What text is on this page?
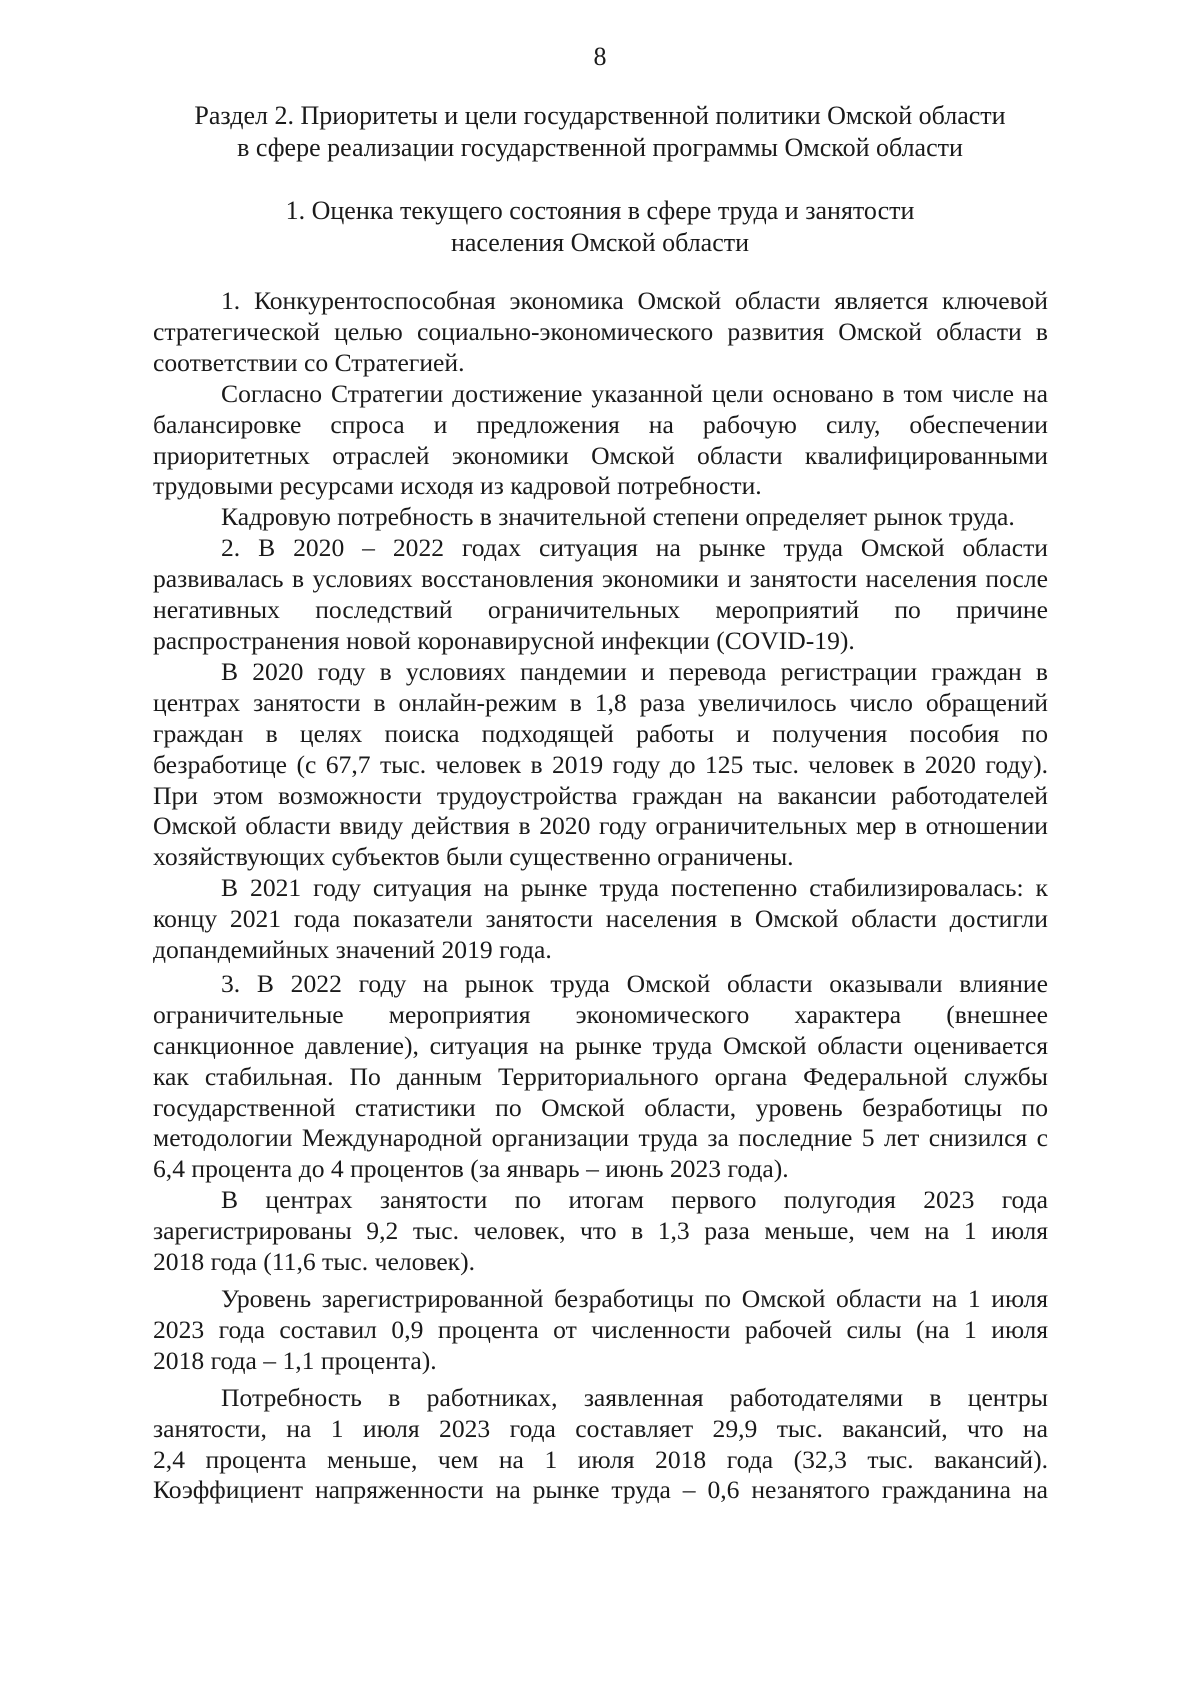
8
Раздел 2. Приоритеты и цели государственной политики Омской области
в сфере реализации государственной программы Омской области
1. Оценка текущего состояния в сфере труда и занятости
населения Омской области
1. Конкурентоспособная экономика Омской области является ключевой
стратегической целью социально-экономического развития Омской области в
соответствии со Стратегией.
Согласно Стратегии достижение указанной цели основано в том числе на
балансировке спроса и предложения на рабочую силу, обеспечении
приоритетных отраслей экономики Омской области квалифицированными
трудовыми ресурсами исходя из кадровой потребности.
Кадровую потребность в значительной степени определяет рынок труда.
2. В 2020 – 2022 годах ситуация на рынке труда Омской области
развивалась в условиях восстановления экономики и занятости населения после
негативных последствий ограничительных мероприятий по причине
распространения новой коронавирусной инфекции (COVID-19).
В 2020 году в условиях пандемии и перевода регистрации граждан в
центрах занятости в онлайн-режим в 1,8 раза увеличилось число обращений
граждан в целях поиска подходящей работы и получения пособия по
безработице (с 67,7 тыс. человек в 2019 году до 125 тыс. человек в 2020 году).
При этом возможности трудоустройства граждан на вакансии работодателей
Омской области ввиду действия в 2020 году ограничительных мер в отношении
хозяйствующих субъектов были существенно ограничены.
В 2021 году ситуация на рынке труда постепенно стабилизировалась: к
концу 2021 года показатели занятости населения в Омской области достигли
допандемийных значений 2019 года.
3. В 2022 году на рынок труда Омской области оказывали влияние
ограничительные мероприятия экономического характера (внешнее
санкционное давление), ситуация на рынке труда Омской области оценивается
как стабильная. По данным Территориального органа Федеральной службы
государственной статистики по Омской области, уровень безработицы по
методологии Международной организации труда за последние 5 лет снизился с
6,4 процента до 4 процентов (за январь – июнь 2023 года).
В центрах занятости по итогам первого полугодия 2023 года
зарегистрированы 9,2 тыс. человек, что в 1,3 раза меньше, чем на 1 июля
2018 года (11,6 тыс. человек).
Уровень зарегистрированной безработицы по Омской области на 1 июля
2023 года составил 0,9 процента от численности рабочей силы (на 1 июля
2018 года – 1,1 процента).
Потребность в работниках, заявленная работодателями в центры
занятости, на 1 июля 2023 года составляет 29,9 тыс. вакансий, что на
2,4 процента меньше, чем на 1 июля 2018 года (32,3 тыс. вакансий).
Коэффициент напряженности на рынке труда – 0,6 незанятого гражданина на
